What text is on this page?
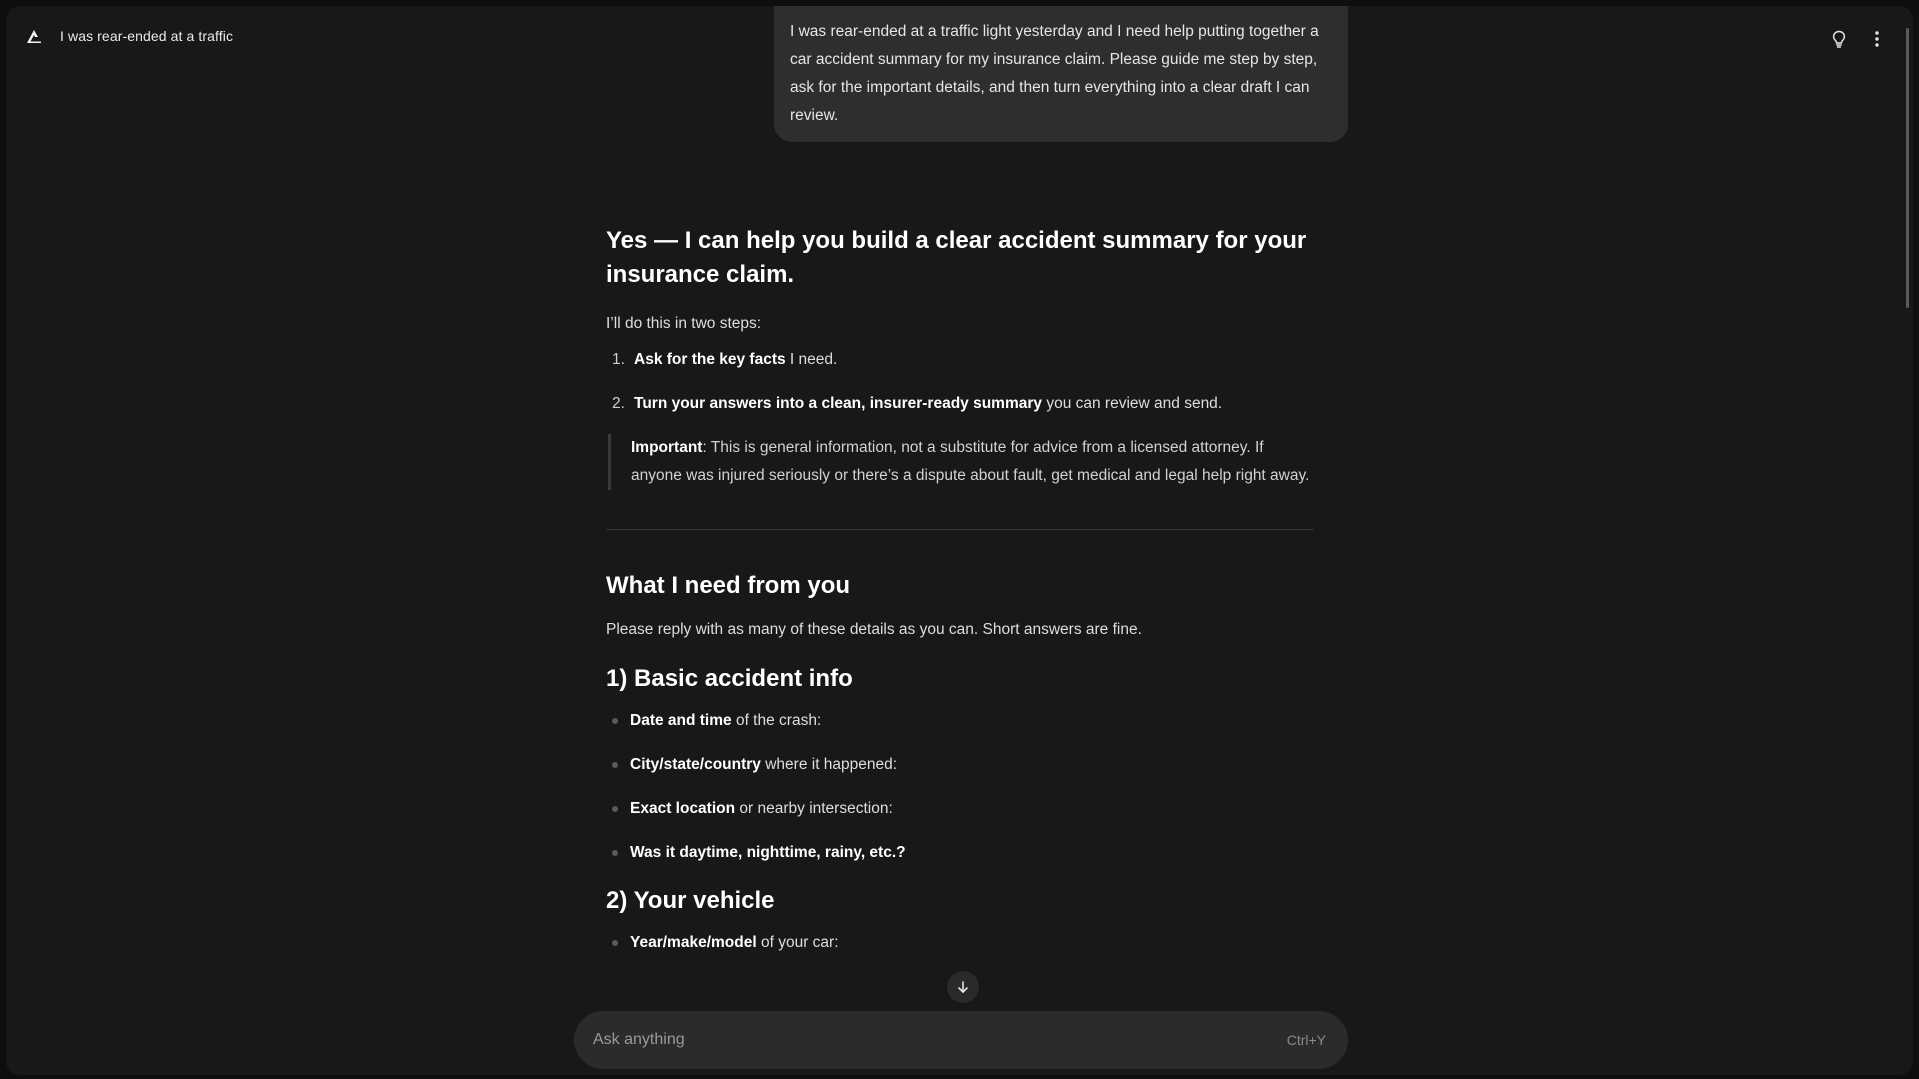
I was rear-ended at a traffic	I was rear-ended at a traffic light yesterday and I need help putting together a car accident summary for my insurance claim. Please guide me step by step, ask for the important details, and then turn everything into a clear draft I can review.
Yes — I can help you build a clear accident summary for your insurance claim.
I’ll do this in two steps:
1. Ask for the key facts I need.
2. Turn your answers into a clean, insurer-ready summary you can review and send.
Important: This is general information, not a substitute for advice from a licensed attorney. If anyone was injured seriously or there’s a dispute about fault, get medical and legal help right away.
What I need from you
Please reply with as many of these details as you can. Short answers are fine.
1) Basic accident info
Date and time of the crash:
City/state/country where it happened:
Exact location or nearby intersection:
Was it daytime, nighttime, rainy, etc.?
2) Your vehicle
Year/make/model of your car:
Ask anything
Ctrl+Y
